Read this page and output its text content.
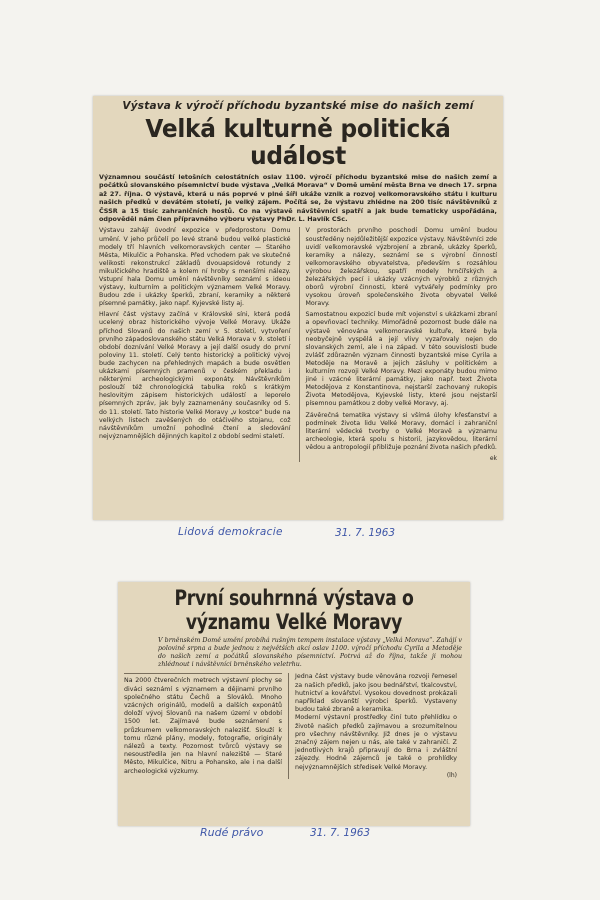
Výstava k výročí příchodu byzantské mise do našich zemí
Velká kulturně politická událost
Významnou součástí letošních celostátních oslav 1100. výročí příchodu byzantské mise do našich zemí a počátků slovanského písemnictví bude výstava „Velká Morava“ v Domě umění města Brna ve dnech 17. srpna až 27. října. O výstavě, která u nás poprvé v plné šíři ukáže vznik a rozvoj velkomoravského státu i kulturu našich předků v devátém století, je velký zájem. Počítá se, že výstavu zhlédne na 200 tisíc návštěvníků z ČSSR a 15 tisíc zahraničních hostů. Co na výstavě návštěvníci spatří a jak bude tematicky uspořádána, odpověděl nám člen přípravného výboru výstavy PhDr. L. Havlík CSc.

Výstavu zahájí úvodní expozice v předprostoru Domu umění. V jeho průčelí po levé straně budou velké plastické modely tří hlavních velkomoravských center — Starého Města, Mikulčic a Pohanska. Před vchodem pak ve skutečné velikosti rekonstrukcí základů dvouapsidové rotundy z mikulčického hradiště a kolem ní hroby s menšími nálezy. Vstupní hala Domu umění návštěvníky seznámí s ideou výstavy, kulturním a politickým významem Velké Moravy. Budou zde i ukázky šperků, zbraní, keramiky a některé písemné památky, jako např. Kyjevské listy aj.

Hlavní část výstavy začíná v Královské síni, která podá ucelený obraz historického vývoje Velké Moravy. Ukáže příchod Slovanů do našich zemí v 5. století, vytvoření prvního západoslovanského státu Velká Morava v 9. století i období doznívání Velké Moravy a její další osudy do první poloviny 11. století. Celý tento historický a politický vývoj bude zachycen na přehledných mapách a bude osvětlen ukázkami písemných pramenů v českém překladu i některými archeologickými exponáty. Návštěvníkům poslouží též chronologická tabulka roků s krátkým heslovitým zápisem historických událostí a leporelo písemných zpráv, jak byly zaznamenány současníky od 5. do 11. století. Tato historie Velké Moravy „v kostce“ bude na velkých listech zavěšených do otáčivého stojanu, což návštěvníkům umožní pohodlné čtení a sledování nejvýznamnějších dějinných kapitol z období sedmi staletí.

V prostorách prvního poschodí Domu umění budou soustředěny nejdůležitější expozice výstavy. Návštěvníci zde uvidí velkomoravské výzbrojení a zbraně, ukázky šperků, keramiky a nálezy, seznámí se s výrobní činností velkomoravského obyvatelstva, především s rozsáhlou výrobou železářskou, spatří modely hrnčířských a železářských pecí i ukázky vzácných výrobků z různých oborů výrobní činnosti, které vytvářely podmínky pro vysokou úroveň společenského života obyvatel Velké Moravy.

Samostatnou expozicí bude mít vojenství s ukázkami zbraní a opevňovací techniky. Mimořádně pozornost bude dále na výstavě věnována velkomoravské kultuře, které byla neobyčejně vyspělá a její vlivy vyzařovaly nejen do slovanských zemí, ale i na západ. V této souvislosti bude zvlášť zdůrazněn význam činnosti byzantské mise Cyrila a Metoděje na Moravě a jejich zásluhy v politickém a kulturním rozvoji Velké Moravy. Mezi exponáty budou mimo jiné i vzácné literární památky, jako např. text Života Metodějova z Konstantinova, nejstarší zachovaný rukopis Života Metodějova, Kyjevské listy, které jsou nejstarší písemnou památkou z doby velké Moravy, aj.

Závěrečná tematika výstavy si všímá úlohy křesťanství a podmínek života lidu Velké Moravy, domácí i zahraniční literární vědecké tvorby o Velké Moravě a významu archeologie, která spolu s historií, jazykovědou, literární vědou a antropologií přibližuje poznání života našich předků.

ek
Lidová demokracie	31. 7. 1963
První souhrnná výstava o významu Velké Moravy
V brněnském Domě umění probíhá rušným tempem instalace výstavy „Velká Morava“. Zahájí v polovině srpna a bude jednou z největších akcí oslav 1100. výročí příchodu Cyrila a Metoděje do našich zemí a počátků slovanského písemnictví. Potrvá až do října, takže ji mohou zhlédnout i návštěvníci brněnského veletrhu.

Na 2000 čtverečních metrech výstavní plochy se diváci seznámí s významem a dějinami prvního společného státu Čechů a Slováků. Mnoho vzácných originálů, modelů a dalších exponátů doloží vývoj Slovanů na našem území v období 1500 let. Zajímavé bude seznámení s průzkumem velkomoravských nalezišť. Slouží k tomu různé plány, modely, fotografie, originály nálezů a texty. Pozornost tvůrců výstavy se nesoustředila jen na hlavní naleziště — Staré Město, Mikulčice, Nitru a Pohansko, ale i na další archeologické výzkumy.

Jedna část výstavy bude věnována rozvoji řemesel za našich předků, jako jsou bednářství, tkalcovství, hutnictví a kovářství. Vysokou dovednost prokázali například slovanští výrobci šperků. Vystaveny budou také zbraně a keramika.

Moderní výstavní prostředky činí tuto přehlídku o životě našich předků zajímavou a srozumitelnou pro všechny návštěvníky. Již dnes je o výstavu značný zájem nejen u nás, ale také v zahraničí. Z jednotlivých krajů připravují do Brna i zvláštní zájezdy. Hodně zájemců je také o prohlídky nejvýznamnějších středisek Velké Moravy.

(lh)
Rudé právo	31. 7. 1963
